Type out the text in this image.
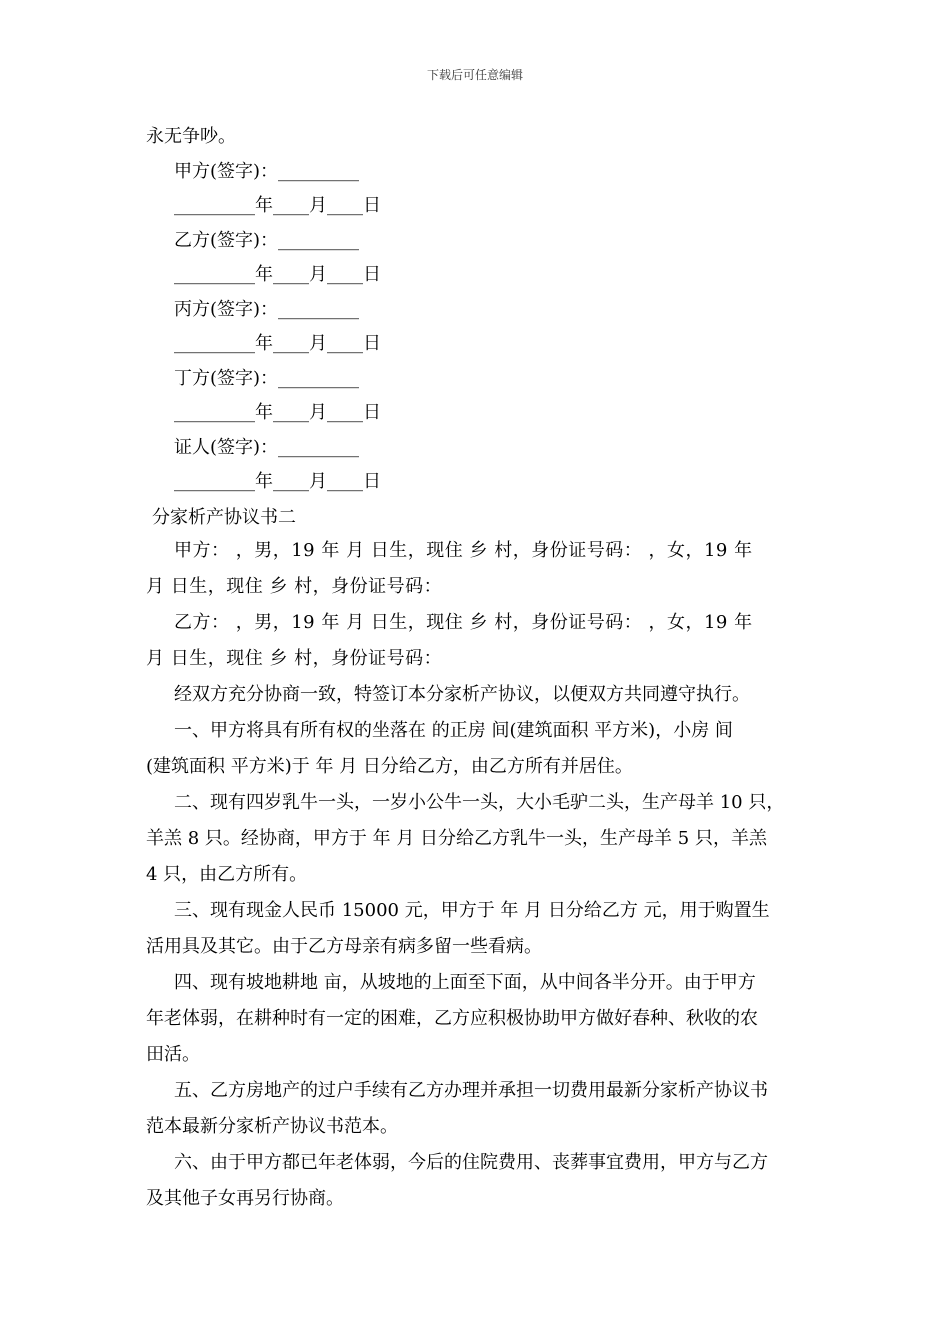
下载后可任意编辑
永无争吵。
甲方(签字)：_________
_________年____月____日
乙方(签字)：_________
_________年____月____日
丙方(签字)：_________
_________年____月____日
丁方(签字)：_________
_________年____月____日
证人(签字)：_________
_________年____月____日
分家析产协议书二
甲方： ，男，19 年 月 日生，现住 乡 村，身份证号码： ，女，19 年
月 日生，现住 乡 村，身份证号码：
乙方： ，男，19 年 月 日生，现住 乡 村，身份证号码： ，女，19 年
月 日生，现住 乡 村，身份证号码：
经双方充分协商一致，特签订本分家析产协议，以便双方共同遵守执行。
一、甲方将具有所有权的坐落在 的正房 间(建筑面积 平方米)，小房 间
(建筑面积 平方米)于 年 月 日分给乙方，由乙方所有并居住。
二、现有四岁乳牛一头，一岁小公牛一头，大小毛驴二头，生产母羊 10 只，
羊羔 8 只。经协商，甲方于 年 月 日分给乙方乳牛一头，生产母羊 5 只，羊羔
4 只，由乙方所有。
三、现有现金人民币 15000 元，甲方于 年 月 日分给乙方 元，用于购置生
活用具及其它。由于乙方母亲有病多留一些看病。
四、现有坡地耕地 亩，从坡地的上面至下面，从中间各半分开。由于甲方
年老体弱，在耕种时有一定的困难，乙方应积极协助甲方做好春种、秋收的农
田活。
五、乙方房地产的过户手续有乙方办理并承担一切费用最新分家析产协议书
范本最新分家析产协议书范本。
六、由于甲方都已年老体弱，今后的住院费用、丧葬事宜费用，甲方与乙方
及其他子女再另行协商。
